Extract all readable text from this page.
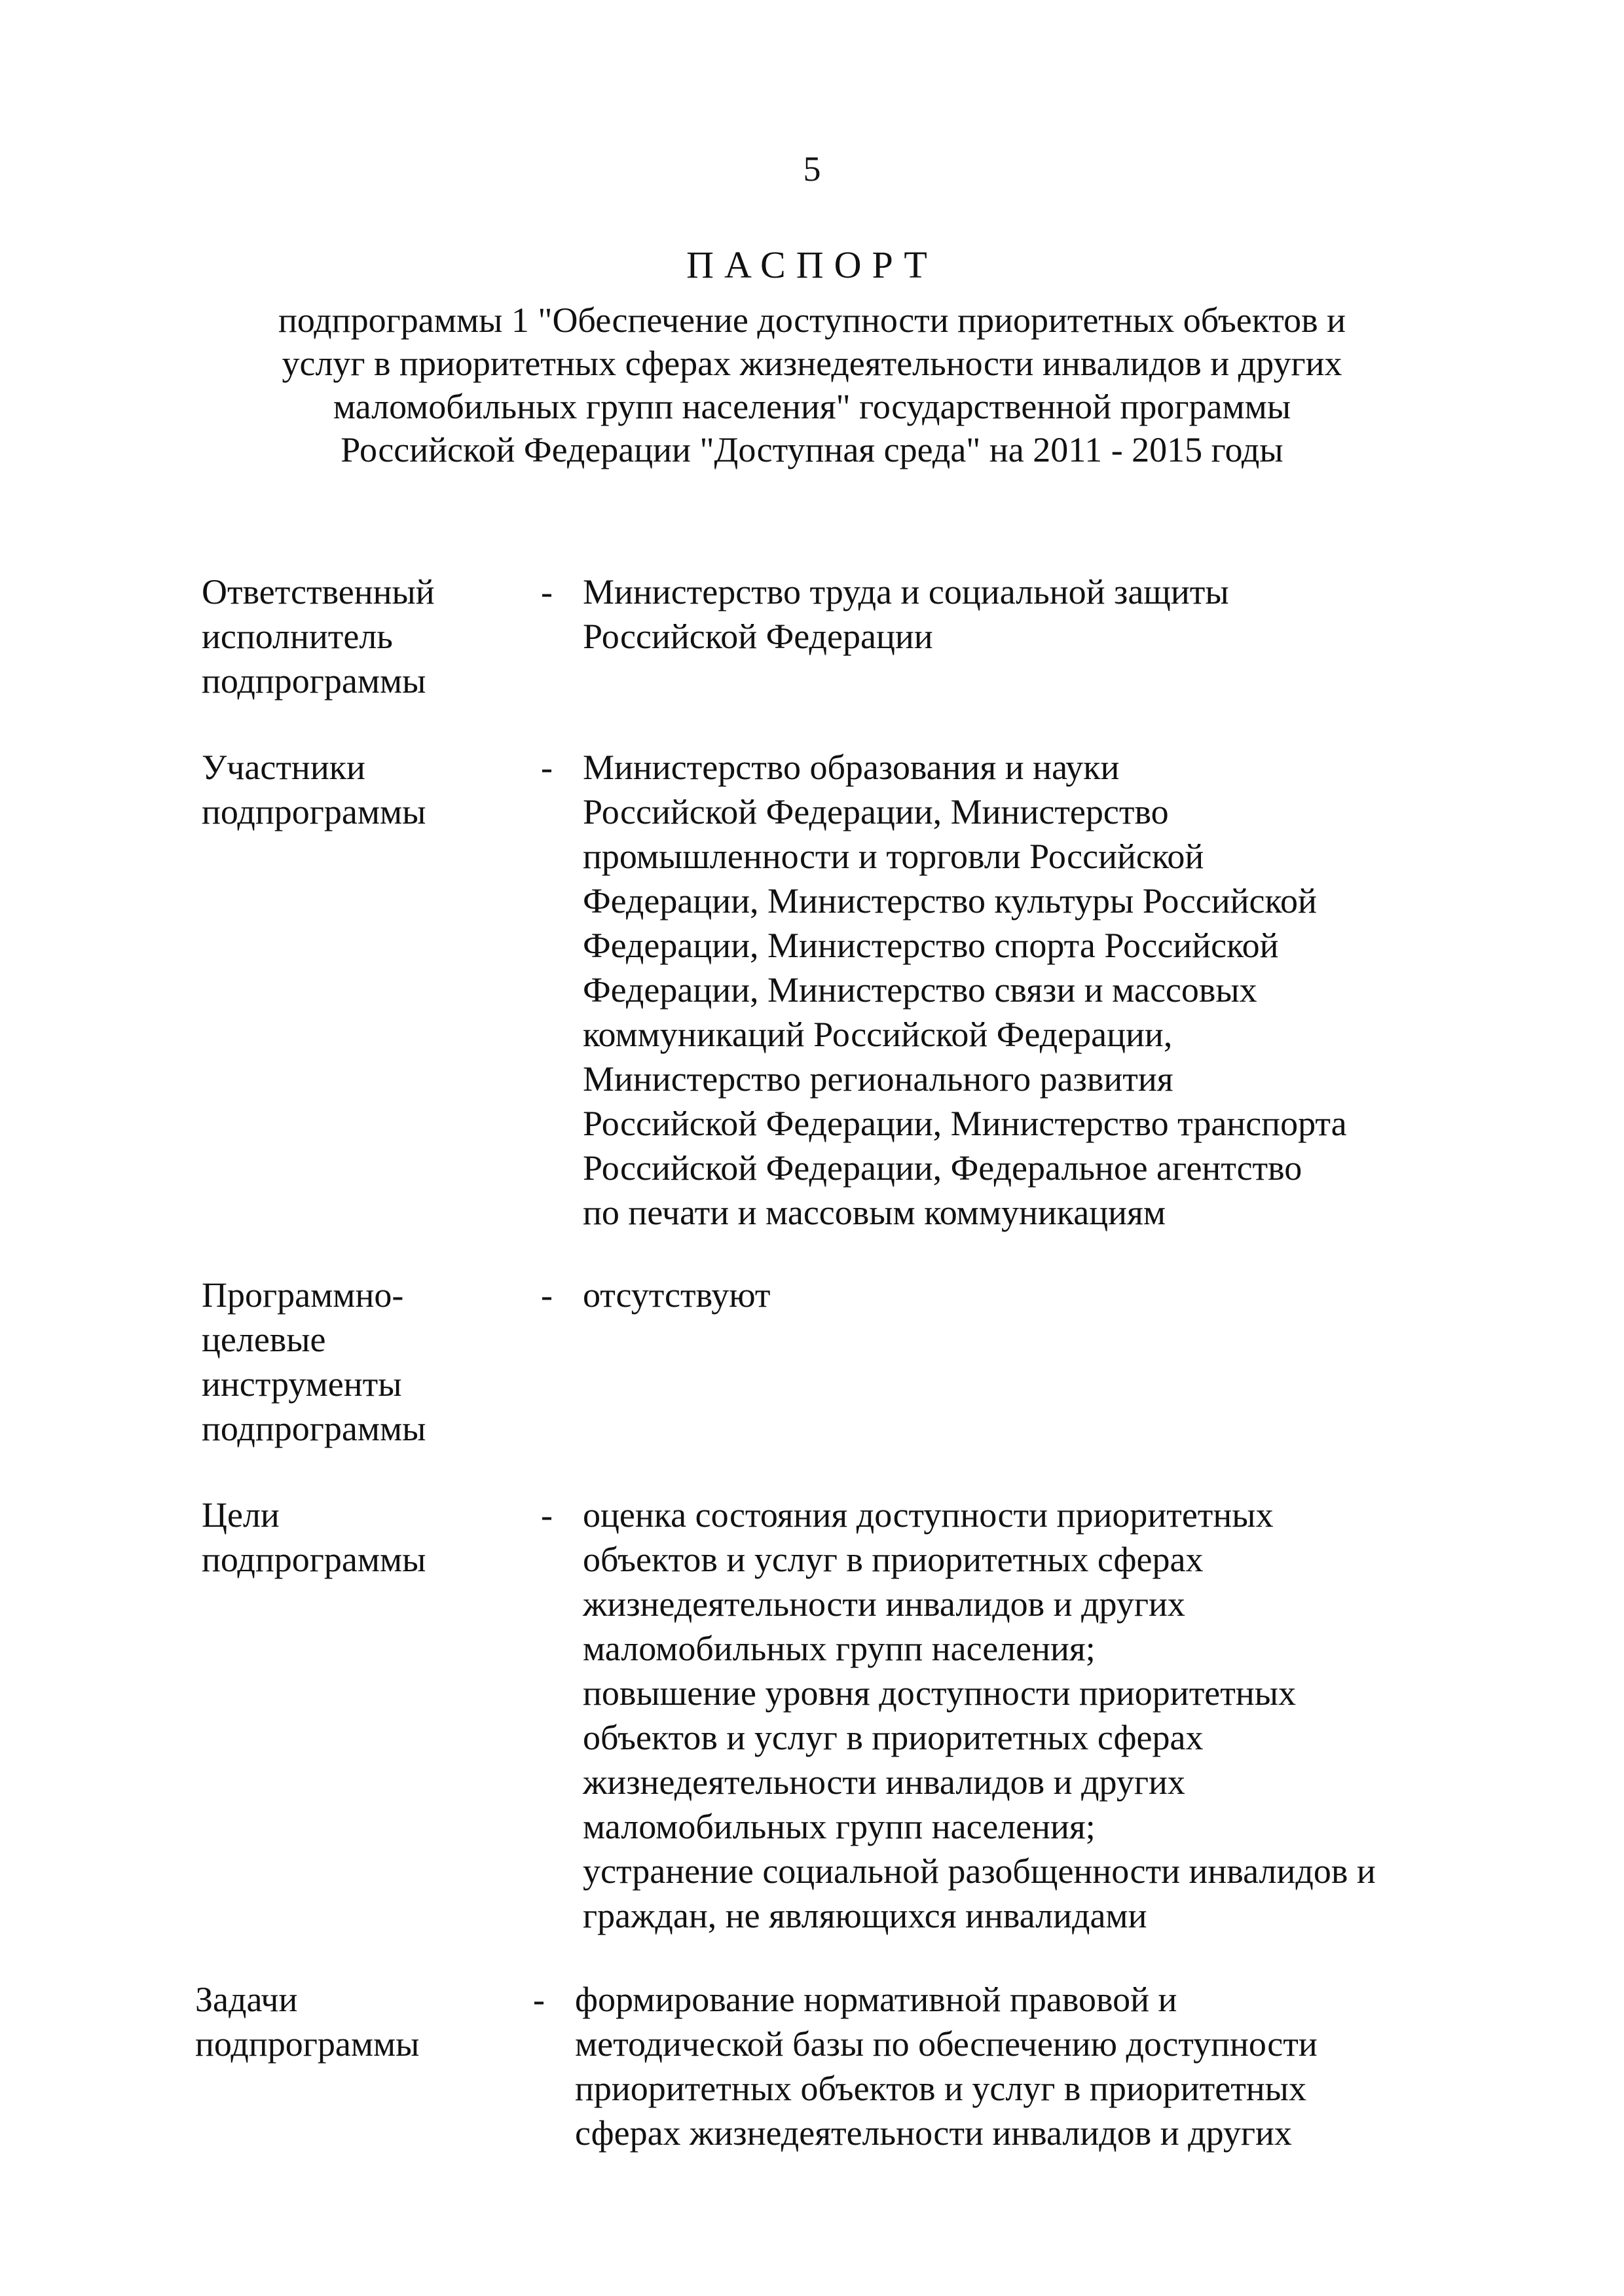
5
ПАСПОРТ
подпрограммы 1 "Обеспечение доступности приоритетных объектов и
услуг в приоритетных сферах жизнедеятельности инвалидов и других
маломобильных групп населения" государственной программы
Российской Федерации "Доступная среда" на 2011 - 2015 годы
Ответственный
исполнитель
подпрограммы
- Министерство труда и социальной защиты
Российской Федерации
Участники
подпрограммы
- Министерство образования и науки
Российской Федерации, Министерство
промышленности и торговли Российской
Федерации, Министерство культуры Российской
Федерации, Министерство спорта Российской
Федерации, Министерство связи и массовых
коммуникаций Российской Федерации,
Министерство регионального развития
Российской Федерации, Министерство транспорта
Российской Федерации, Федеральное агентство
по печати и массовым коммуникациям
Программно-
целевые
инструменты
подпрограммы
- отсутствуют
Цели
подпрограммы
- оценка состояния доступности приоритетных
объектов и услуг в приоритетных сферах
жизнедеятельности инвалидов и других
маломобильных групп населения;
повышение уровня доступности приоритетных
объектов и услуг в приоритетных сферах
жизнедеятельности инвалидов и других
маломобильных групп населения;
устранение социальной разобщенности инвалидов и
граждан, не являющихся инвалидами
Задачи
подпрограммы
- формирование нормативной правовой и
методической базы по обеспечению доступности
приоритетных объектов и услуг в приоритетных
сферах жизнедеятельности инвалидов и других
